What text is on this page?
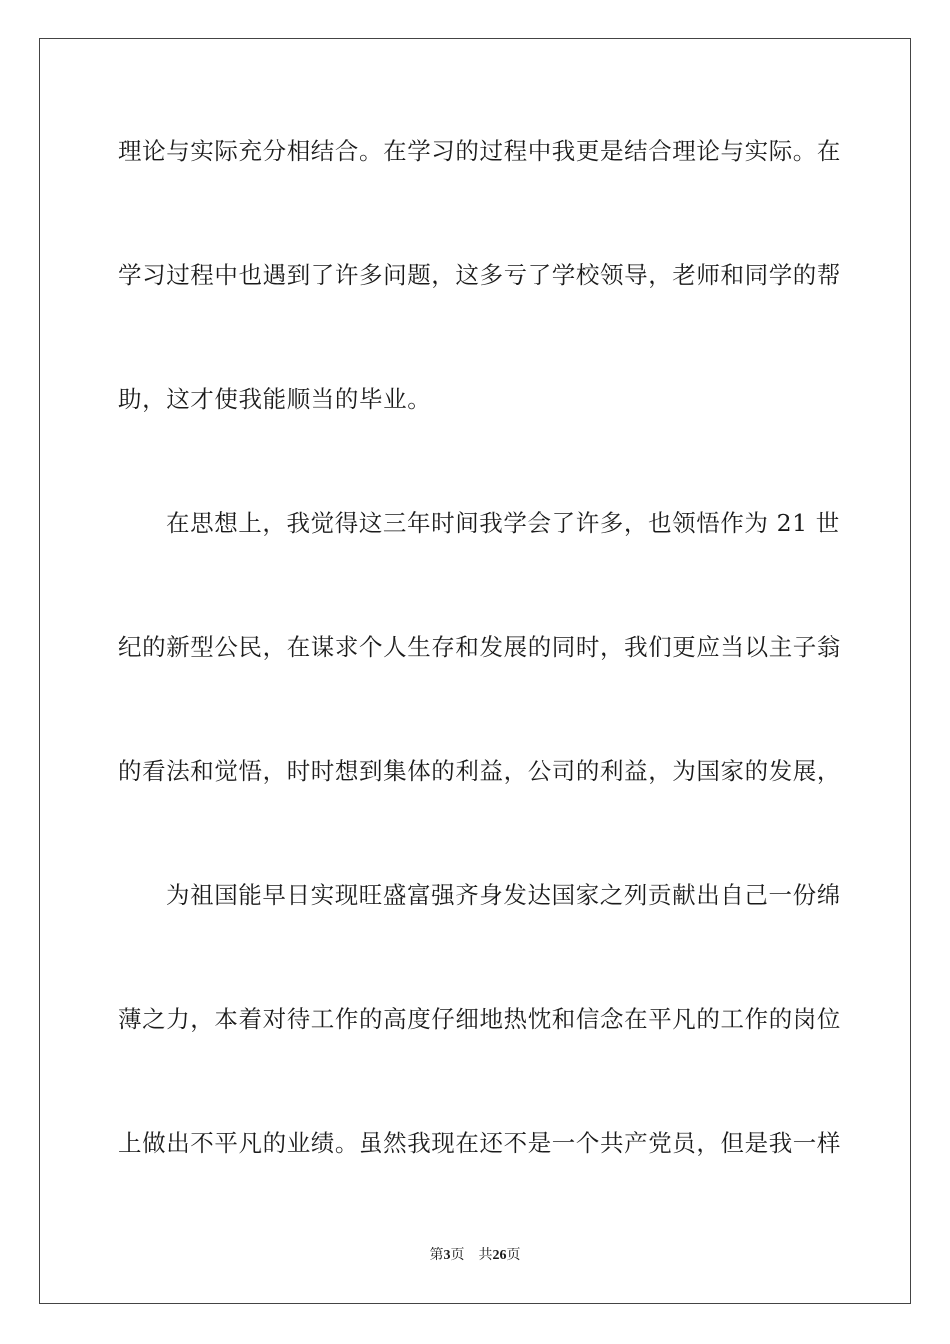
理论与实际充分相结合。在学习的过程中我更是结合理论与实际。在
学习过程中也遇到了许多问题，这多亏了学校领导，老师和同学的帮
助，这才使我能顺当的毕业。
在思想上，我觉得这三年时间我学会了许多，也领悟作为 21 世
纪的新型公民，在谋求个人生存和发展的同时，我们更应当以主子翁
的看法和觉悟，时时想到集体的利益，公司的利益，为国家的发展，
为祖国能早日实现旺盛富强齐身发达国家之列贡献出自己一份绵
薄之力，本着对待工作的高度仔细地热忱和信念在平凡的工作的岗位
上做出不平凡的业绩。虽然我现在还不是一个共产党员，但是我一样
第3页 共26页
